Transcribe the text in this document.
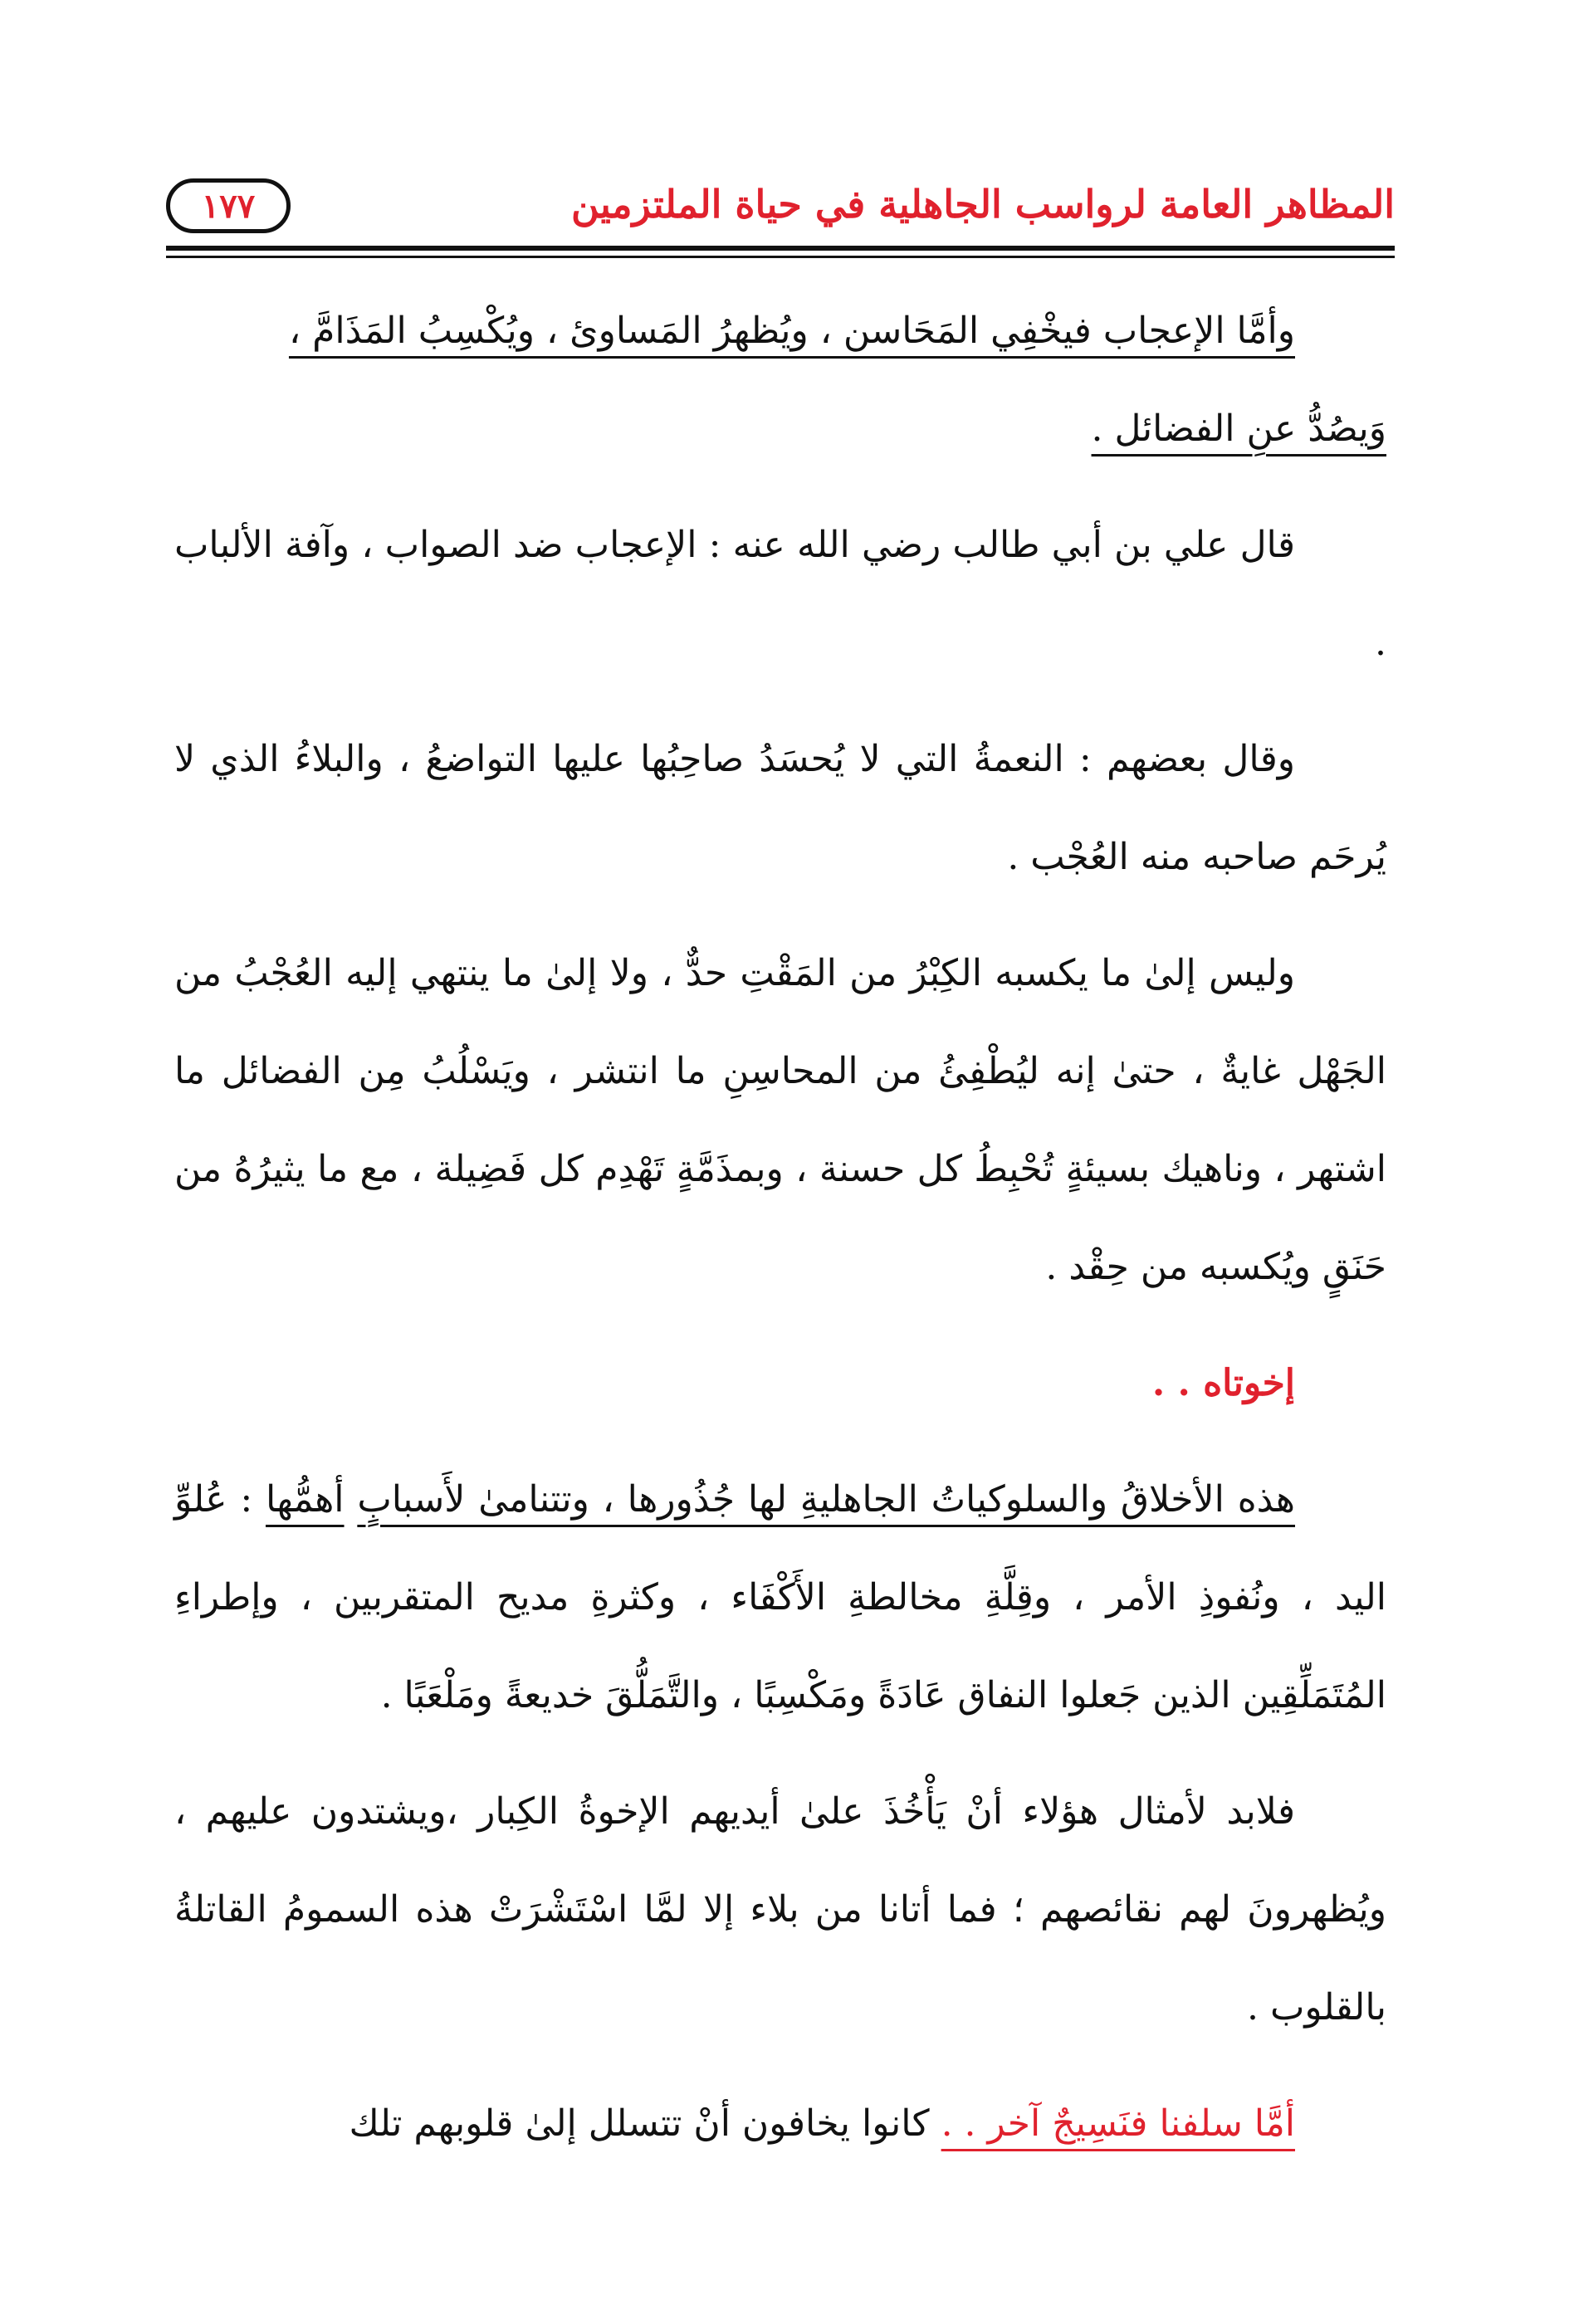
المظاهر العامة لرواسب الجاهلية في حياة الملتزمين
١٧٧

وأمَّا الإعجاب فيخْفِي المَحَاسن ، ويُظهرُ المَساوئ ، ويُكْسِبُ المَذَامَّ ،
وَيصُدُّ عنِ الفضائل .

قال علي بن أبي طالب رضي الله عنه : الإعجاب ضد الصواب ، وآفة الألباب .

وقال بعضهم : النعمةُ التي لا يُحسَدُ صاحِبُها عليها التواضعُ ، والبلاءُ الذي لا يُرحَم صاحبه منه العُجْب .

وليس إلىٰ ما يكسبه الكِبْرُ من المَقْتِ حدٌّ ، ولا إلىٰ ما ينتهي إليه العُجْبُ من الجَهْل غايةٌ ، حتىٰ إنه ليُطْفِئُ من المحاسِنِ ما انتشر ، ويَسْلُبُ مِن الفضائل ما اشتهر ، وناهيك بسيئةٍ تُحْبِطُ كل حسنة ، وبمذَمَّةٍ تَهْدِم كل فَضِيلة ، مع ما يثيرُهُ من حَنَقٍ ويُكسبه من حِقْد .

إخوتاه . .

هذه الأخلاقُ والسلوكياتُ الجاهليةِ لها جُذُورها ، وتتنامىٰ لأَسبابٍ أهمُّها : عُلوِّ اليد ، ونُفوذِ الأمر ، وقِلَّةِ مخالطةِ الأَكْفَاء ، وكثرةِ مديح المتقربين ، وإطراءِ المُتَمَلِّقِين الذين جَعلوا النفاق عَادَةً ومَكْسِبًا ، والتَّمَلُّقَ خديعةً ومَلْعَبًا .

فلابد لأمثال هؤلاء أنْ يَأْخُذَ علىٰ أيديهم الإخوةُ الكِبار ،ويشتدون عليهم ، ويُظهرونَ لهم نقائصهم ؛ فما أتانا من بلاء إلا لمَّا اسْتَشْرَتْ هذه السمومُ القاتلةُ بالقلوب .

أمَّا سلفنا فنَسِيجٌ آخر . . كانوا يخافون أنْ تتسلل إلىٰ قلوبهم تلك
